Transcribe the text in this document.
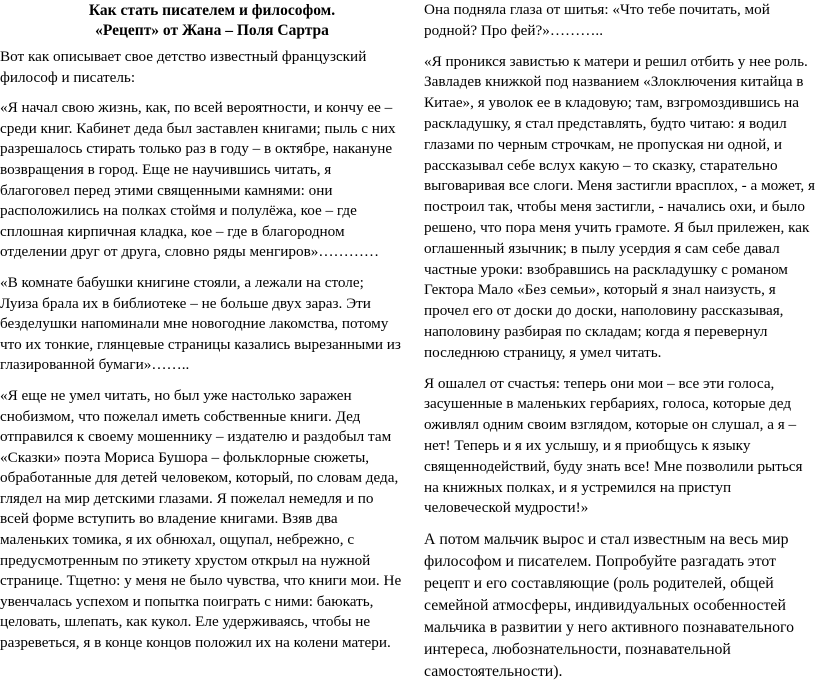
Как стать писателем и философом.

«Рецепт» от Жана – Поля Сартра

Вот как описывает свое детство известный французский философ и писатель:

«Я начал свою жизнь, как, по всей вероятности, и кончу ее – среди книг. Кабинет деда был заставлен книгами; пыль с них разрешалось стирать только раз в году – в октябре, накануне возвращения в город. Еще не научившись читать, я благоговел перед этими священными камнями: они расположились на полках стоймя и полулёжа, кое – где сплошная кирпичная кладка, кое – где в благородном отделении друг от друга, словно ряды менгиров»…………

«В комнате бабушки книгине стояли, а лежали на столе; Луиза брала их в библиотеке – не больше двух зараз. Эти безделушки напоминали мне новогодние лакомства, потому что их тонкие, глянцевые страницы казались вырезанными из глазированной бумаги»……..

«Я еще не умел читать, но был уже настолько заражен снобизмом, что пожелал иметь собственные книги. Дед отправился к своему мошеннику – издателю и раздобыл там «Сказки» поэта Мориса Бушора – фольклорные сюжеты, обработанные для детей человеком, который, по словам деда, глядел на мир детскими глазами. Я пожелал немедля и по всей форме вступить во владение книгами. Взяв два маленьких томика, я их обнюхал, ощупал, небрежно, с предусмотренным по этикету хрустом открыл на нужной странице. Тщетно: у меня не было чувства, что книги мои. Не увенчалась успехом и попытка поиграть с ними: баюкать, целовать, шлепать, как кукол. Еле удерживаясь, чтобы не разреветься, я в конце концов положил их на колени матери.

Она подняла глаза от шитья: «Что тебе почитать, мой родной? Про фей?»………..

«Я проникся завистью к матери и решил отбить у нее роль. Завладев книжкой под названием «Злоключения китайца в Китае», я уволок ее в кладовую; там, взгромоздившись на раскладушку, я стал представлять, будто читаю: я водил глазами по черным строчкам, не пропуская ни одной, и рассказывал себе вслух какую – то сказку, старательно выговаривая все слоги. Меня застигли врасплох, - а может, я построил так, чтобы меня застигли, - начались охи, и было решено, что пора меня учить грамоте. Я был прилежен, как оглашенный язычник; в пылу усердия я сам себе давал частные уроки: взобравшись на раскладушку с романом Гектора Мало «Без семьи», который я знал наизусть, я прочел его от доски до доски, наполовину рассказывая, наполовину разбирая по складам; когда я перевернул последнюю страницу, я умел читать.

Я ошалел от счастья: теперь они мои – все эти голоса, засушенные в маленьких гербариях, голоса, которые дед оживлял одним своим взглядом, которые он слушал, а я – нет! Теперь и я их услышу, и я приобщусь к языку священнодействий, буду знать все! Мне позволили рыться на книжных полках, и я устремился на приступ человеческой мудрости!»

А потом мальчик вырос и стал известным на весь мир философом и писателем. Попробуйте разгадать этот рецепт и его составляющие (роль родителей, общей семейной атмосферы, индивидуальных особенностей мальчика в развитии у него активного познавательного интереса, любознательности, познавательной самостоятельности).
